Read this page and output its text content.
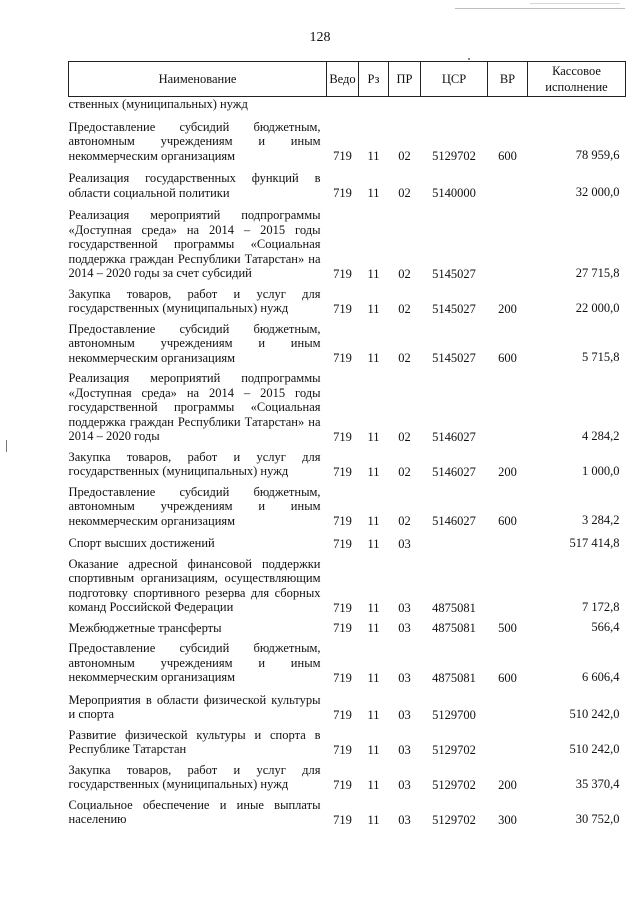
128
Наименование	Ведо	Рз	ПР	ЦСР	ВР	Кассовое исполнение
ственных (муниципальных) нужд						
Предоставление субсидий бюджетным, автономным учреждениям и иным некоммерческим организациям	719	11	02	5129702	600	78 959,6
Реализация государственных функций в области социальной политики	719	11	02	5140000		32 000,0
Реализация мероприятий подпрограммы «Доступная среда» на 2014 – 2015 годы государственной программы «Социальная поддержка граждан Республики Татарстан» на 2014 – 2020 годы за счет субсидий	719	11	02	5145027		27 715,8
Закупка товаров, работ и услуг для государственных (муниципальных) нужд	719	11	02	5145027	200	22 000,0
Предоставление субсидий бюджетным, автономным учреждениям и иным некоммерческим организациям	719	11	02	5145027	600	5 715,8
Реализация мероприятий подпрограммы «Доступная среда» на 2014 – 2015 годы государственной программы «Социальная поддержка граждан Республики Татарстан» на 2014 – 2020 годы	719	11	02	5146027		4 284,2
Закупка товаров, работ и услуг для государственных (муниципальных) нужд	719	11	02	5146027	200	1 000,0
Предоставление субсидий бюджетным, автономным учреждениям и иным некоммерческим организациям	719	11	02	5146027	600	3 284,2
Спорт высших достижений	719	11	03			517 414,8
Оказание адресной финансовой поддержки спортивным организациям, осуществляющим подготовку спортивного резерва для сборных команд Российской Федерации	719	11	03	4875081		7 172,8
Межбюджетные трансферты	719	11	03	4875081	500	566,4
Предоставление субсидий бюджетным, автономным учреждениям и иным некоммерческим организациям	719	11	03	4875081	600	6 606,4
Мероприятия в области физической культуры и спорта	719	11	03	5129700		510 242,0
Развитие физической культуры и спорта в Республике Татарстан	719	11	03	5129702		510 242,0
Закупка товаров, работ и услуг для государственных (муниципальных) нужд	719	11	03	5129702	200	35 370,4
Социальное обеспечение и иные выплаты населению	719	11	03	5129702	300	30 752,0
